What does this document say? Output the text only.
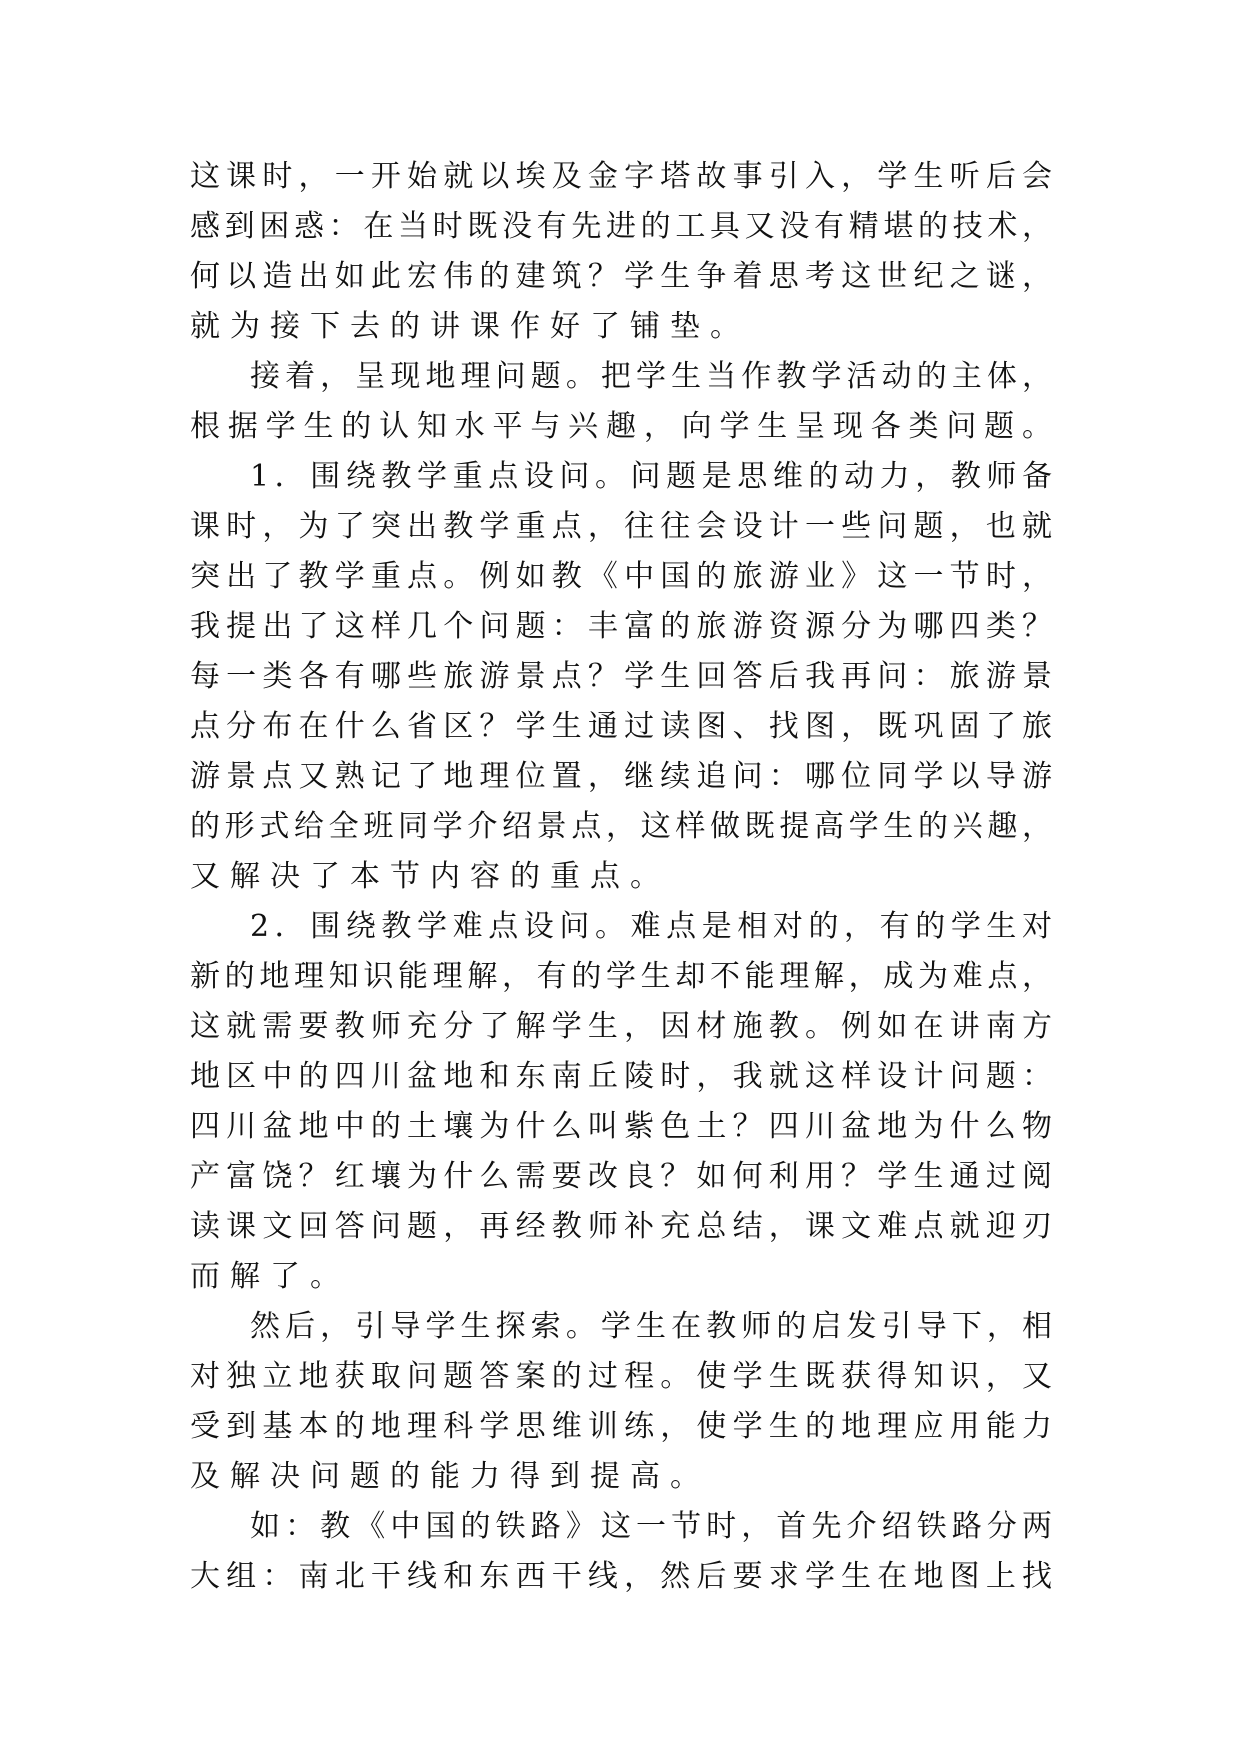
这课时，一开始就以埃及金字塔故事引入，学生听后会
感到困惑：在当时既没有先进的工具又没有精堪的技术，
何以造出如此宏伟的建筑？学生争着思考这世纪之谜，
就为接下去的讲课作好了铺垫。
接着，呈现地理问题。把学生当作教学活动的主体，
根据学生的认知水平与兴趣，向学生呈现各类问题。
1．围绕教学重点设问。问题是思维的动力，教师备
课时，为了突出教学重点，往往会设计一些问题，也就
突出了教学重点。例如教《中国的旅游业》这一节时，
我提出了这样几个问题：丰富的旅游资源分为哪四类？
每一类各有哪些旅游景点？学生回答后我再问：旅游景
点分布在什么省区？学生通过读图、找图，既巩固了旅
游景点又熟记了地理位置，继续追问：哪位同学以导游
的形式给全班同学介绍景点，这样做既提高学生的兴趣，
又解决了本节内容的重点。
2．围绕教学难点设问。难点是相对的，有的学生对
新的地理知识能理解，有的学生却不能理解，成为难点，
这就需要教师充分了解学生，因材施教。例如在讲南方
地区中的四川盆地和东南丘陵时，我就这样设计问题：
四川盆地中的土壤为什么叫紫色土？四川盆地为什么物
产富饶？红壤为什么需要改良？如何利用？学生通过阅
读课文回答问题，再经教师补充总结，课文难点就迎刃
而解了。
然后，引导学生探索。学生在教师的启发引导下，相
对独立地获取问题答案的过程。使学生既获得知识，又
受到基本的地理科学思维训练，使学生的地理应用能力
及解决问题的能力得到提高。
如：教《中国的铁路》这一节时，首先介绍铁路分两
大组：南北干线和东西干线，然后要求学生在地图上找
